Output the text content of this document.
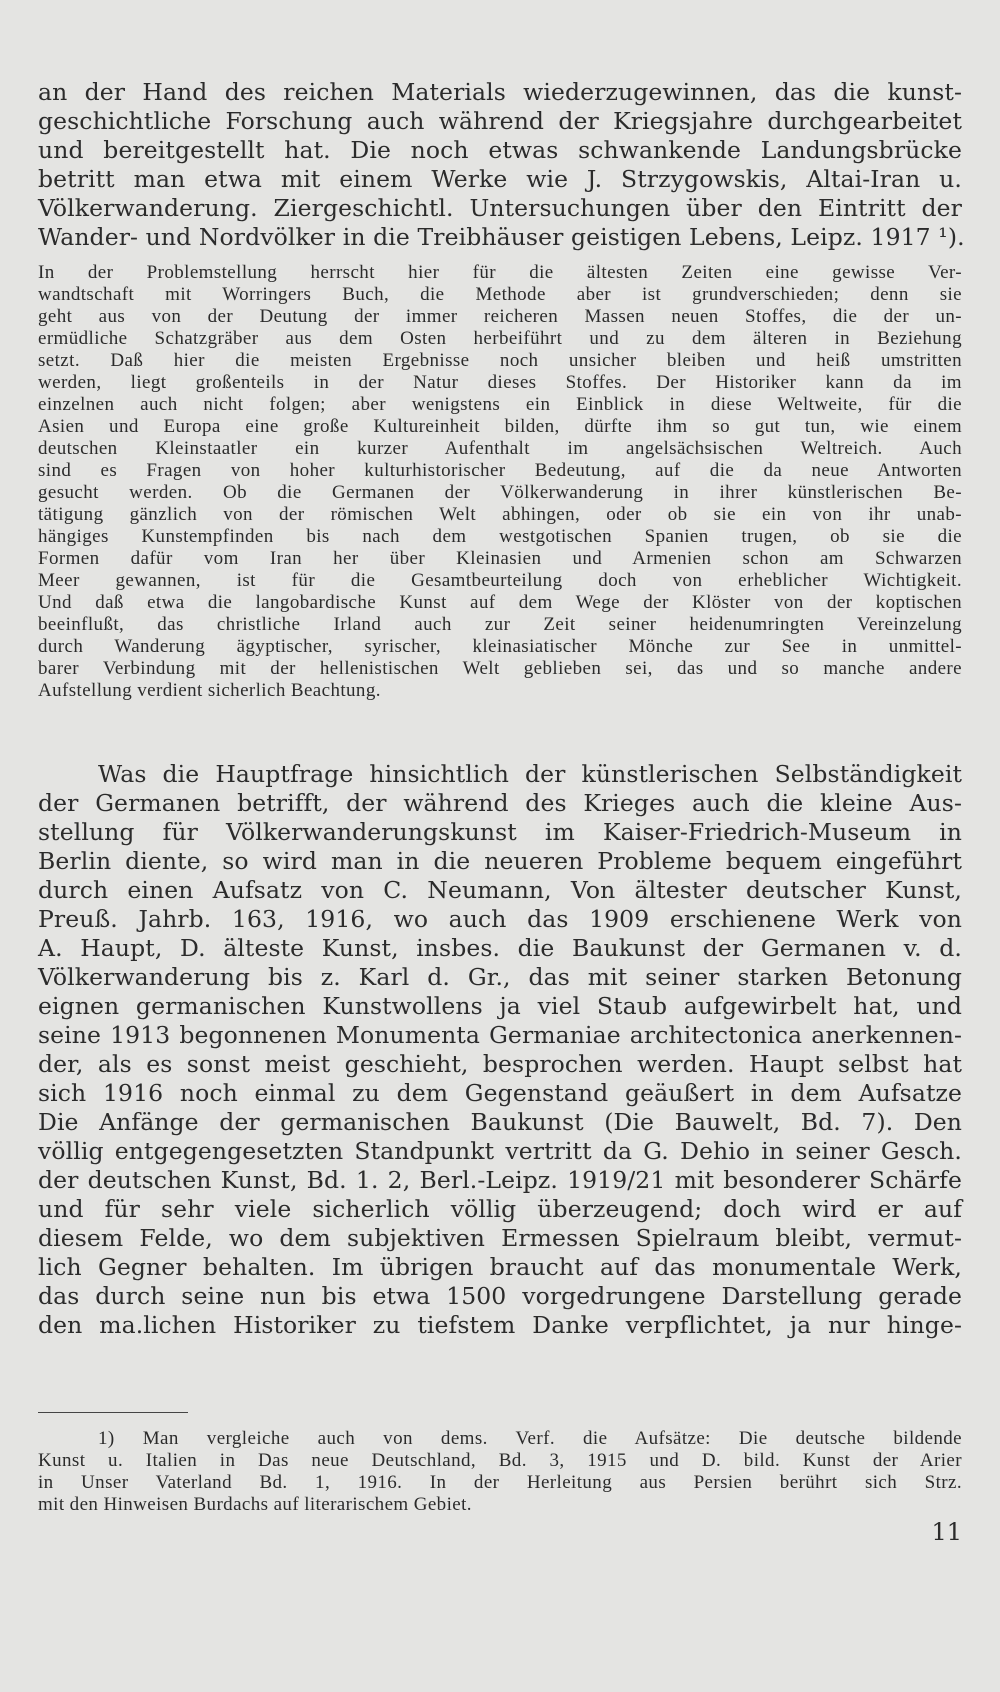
an der Hand des reichen Materials wiederzugewinnen, das die kunst-
geschichtliche Forschung auch während der Kriegsjahre durchgearbeitet
und bereitgestellt hat. Die noch etwas schwankende Landungsbrücke
betritt man etwa mit einem Werke wie J. Strzygowskis, Altai-Iran u.
Völkerwanderung. Ziergeschichtl. Untersuchungen über den Eintritt der
Wander- und Nordvölker in die Treibhäuser geistigen Lebens, Leipz. 1917 ¹).
In der Problemstellung herrscht hier für die ältesten Zeiten eine gewisse Ver-
wandtschaft mit Worringers Buch, die Methode aber ist grundverschieden; denn sie
geht aus von der Deutung der immer reicheren Massen neuen Stoffes, die der un-
ermüdliche Schatzgräber aus dem Osten herbeiführt und zu dem älteren in Beziehung
setzt. Daß hier die meisten Ergebnisse noch unsicher bleiben und heiß umstritten
werden, liegt großenteils in der Natur dieses Stoffes. Der Historiker kann da im
einzelnen auch nicht folgen; aber wenigstens ein Einblick in diese Weltweite, für die
Asien und Europa eine große Kultureinheit bilden, dürfte ihm so gut tun, wie einem
deutschen Kleinstaatler ein kurzer Aufenthalt im angelsächsischen Weltreich. Auch
sind es Fragen von hoher kulturhistorischer Bedeutung, auf die da neue Antworten
gesucht werden. Ob die Germanen der Völkerwanderung in ihrer künstlerischen Be-
tätigung gänzlich von der römischen Welt abhingen, oder ob sie ein von ihr unab-
hängiges Kunstempfinden bis nach dem westgotischen Spanien trugen, ob sie die
Formen dafür vom Iran her über Kleinasien und Armenien schon am Schwarzen
Meer gewannen, ist für die Gesamtbeurteilung doch von erheblicher Wichtigkeit.
Und daß etwa die langobardische Kunst auf dem Wege der Klöster von der koptischen
beeinflußt, das christliche Irland auch zur Zeit seiner heidenumringten Vereinzelung
durch Wanderung ägyptischer, syrischer, kleinasiatischer Mönche zur See in unmittel-
barer Verbindung mit der hellenistischen Welt geblieben sei, das und so manche andere
Aufstellung verdient sicherlich Beachtung.
Was die Hauptfrage hinsichtlich der künstlerischen Selbständigkeit
der Germanen betrifft, der während des Krieges auch die kleine Aus-
stellung für Völkerwanderungskunst im Kaiser-Friedrich-Museum in
Berlin diente, so wird man in die neueren Probleme bequem eingeführt
durch einen Aufsatz von C. Neumann, Von ältester deutscher Kunst,
Preuß. Jahrb. 163, 1916, wo auch das 1909 erschienene Werk von
A. Haupt, D. älteste Kunst, insbes. die Baukunst der Germanen v. d.
Völkerwanderung bis z. Karl d. Gr., das mit seiner starken Betonung
eignen germanischen Kunstwollens ja viel Staub aufgewirbelt hat, und
seine 1913 begonnenen Monumenta Germaniae architectonica anerkennen-
der, als es sonst meist geschieht, besprochen werden. Haupt selbst hat
sich 1916 noch einmal zu dem Gegenstand geäußert in dem Aufsatze
Die Anfänge der germanischen Baukunst (Die Bauwelt, Bd. 7). Den
völlig entgegengesetzten Standpunkt vertritt da G. Dehio in seiner Gesch.
der deutschen Kunst, Bd. 1. 2, Berl.-Leipz. 1919/21 mit besonderer Schärfe
und für sehr viele sicherlich völlig überzeugend; doch wird er auf
diesem Felde, wo dem subjektiven Ermessen Spielraum bleibt, vermut-
lich Gegner behalten. Im übrigen braucht auf das monumentale Werk,
das durch seine nun bis etwa 1500 vorgedrungene Darstellung gerade
den ma.lichen Historiker zu tiefstem Danke verpflichtet, ja nur hinge-
1) Man vergleiche auch von dems. Verf. die Aufsätze: Die deutsche bildende
Kunst u. Italien in Das neue Deutschland, Bd. 3, 1915 und D. bild. Kunst der Arier
in Unser Vaterland Bd. 1, 1916. In der Herleitung aus Persien berührt sich Strz.
mit den Hinweisen Burdachs auf literarischem Gebiet.
11
